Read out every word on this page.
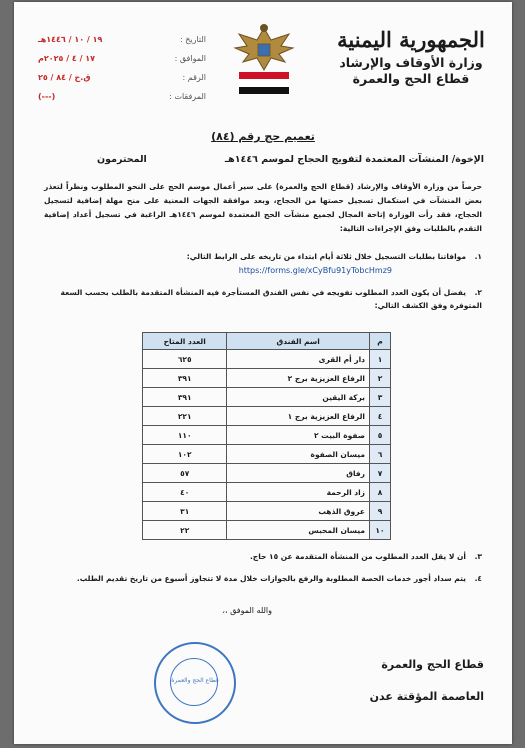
الجمهورية اليمنية
وزارة الأوقاف والإرشاد
قطاع الحج والعمرة
التاريخ :
١٩ / ١٠ / ١٤٤٦هـ
الموافق :
١٧ / ٤ / ٢٠٢٥م
الرقم :
ق.ح / ٨٤ / ٢٥
المرفقات :
(---)
تعميم حج رقم (٨٤)
الإخوة/ المنشآت المعتمدة لتفويج الحجاج لموسم ١٤٤٦هـ
المحترمون
حرصاً من وزارة الأوقاف والإرشاد (قطاع الحج والعمرة) على سير أعمال موسم الحج على النحو المطلوب ونظراً لتعذر بعض المنشآت في استكمال تسجيل حصتها من الحجاج، وبعد موافقة الجهات المعنية على منح مهلة إضافية لتسجيل الحجاج، فقد رأت الوزارة إتاحة المجال لجميع منشآت الحج المعتمدة لموسم ١٤٤٦هـ الراغبة في تسجيل أعداد إضافية التقدم بالطلبات وفق الإجراءات التالية:
١.موافاتنا بطلبات التسجيل خلال ثلاثة أيام ابتداء من تاريخه على الرابط التالي:
https://forms.gle/xCyBfu91yTobcHmz9
٢.يفضل أن يكون العدد المطلوب تفويجه في نفس الفندق المستأجرة فيه المنشأة المتقدمة بالطلب بحسب السعة المتوفرة وفق الكشف التالي:
م	اسم الفندق	العدد المتاح
١	دار أم القرى	٦٢٥
٢	الرفاع العزيزية برج ٢	٣٩١
٣	بركة اليقين	٣٩١
٤	الرفاع العزيزية برج ١	٢٢١
٥	صفوة البيت ٢	١١٠
٦	ميسان الصفوة	١٠٢
٧	رفاق	٥٧
٨	زاد الرحمة	٤٠
٩	عروق الذهب	٣١
١٠	ميسان المحبس	٢٢
٣.أن لا يقل العدد المطلوب من المنشأة المتقدمة عن ١٥ حاج.
٤.يتم سداد أجور خدمات الحصة المطلوبة والرفع بالجوازات خلال مدة لا تتجاوز أسبوع من تاريخ تقديم الطلب.
والله الموفق ،،
قطاع الحج والعمرة
العاصمة المؤقتة عدن
قطاع الحج والعمرة
